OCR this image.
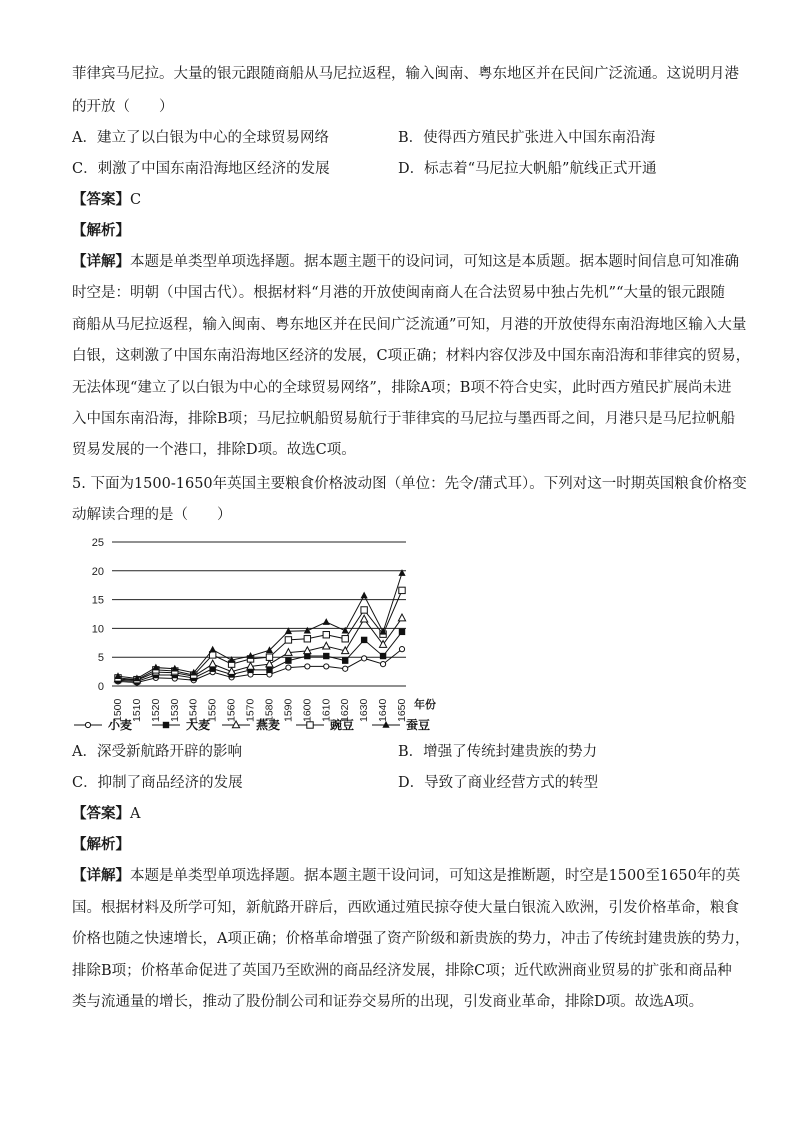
菲律宾马尼拉。大量的银元跟随商船从马尼拉返程，输入闽南、粤东地区并在民间广泛流通。这说明月港
的开放（　　）
A．建立了以白银为中心的全球贸易网络	B．使得西方殖民扩张进入中国东南沿海
C．刺激了中国东南沿海地区经济的发展	D．标志着“马尼拉大帆船”航线正式开通
【答案】C
【解析】
【详解】本题是单类型单项选择题。据本题主题干的设问词，可知这是本质题。据本题时间信息可知准确
时空是：明朝（中国古代）。根据材料“月港的开放使闽南商人在合法贸易中独占先机”“大量的银元跟随
商船从马尼拉返程，输入闽南、粤东地区并在民间广泛流通”可知，月港的开放使得东南沿海地区输入大量
白银，这刺激了中国东南沿海地区经济的发展，C项正确；材料内容仅涉及中国东南沿海和菲律宾的贸易，
无法体现“建立了以白银为中心的全球贸易网络”，排除A项；B项不符合史实，此时西方殖民扩展尚未进
入中国东南沿海，排除B项；马尼拉帆船贸易航行于菲律宾的马尼拉与墨西哥之间，月港只是马尼拉帆船
贸易发展的一个港口，排除D项。故选C项。
5. 下面为1500-1650年英国主要粮食价格波动图（单位：先令/蒲式耳）。下列对这一时期英国粮食价格变
动解读合理的是（　　）
0
5
10
15
20
25
1500 1510 1520 1530 1540 1550 1560 1570 1580 1590 1600 1610 1620 1630 1640 1650 年份
小麦	大麦	燕麦	豌豆	蚕豆
A．深受新航路开辟的影响	B．增强了传统封建贵族的势力
C．抑制了商品经济的发展	D．导致了商业经营方式的转型
【答案】A
【解析】
【详解】本题是单类型单项选择题。据本题主题干设问词，可知这是推断题，时空是1500至1650年的英
国。根据材料及所学可知，新航路开辟后，西欧通过殖民掠夺使大量白银流入欧洲，引发价格革命，粮食
价格也随之快速增长，A项正确；价格革命增强了资产阶级和新贵族的势力，冲击了传统封建贵族的势力，
排除B项；价格革命促进了英国乃至欧洲的商品经济发展，排除C项；近代欧洲商业贸易的扩张和商品种
类与流通量的增长，推动了股份制公司和证券交易所的出现，引发商业革命，排除D项。故选A项。
